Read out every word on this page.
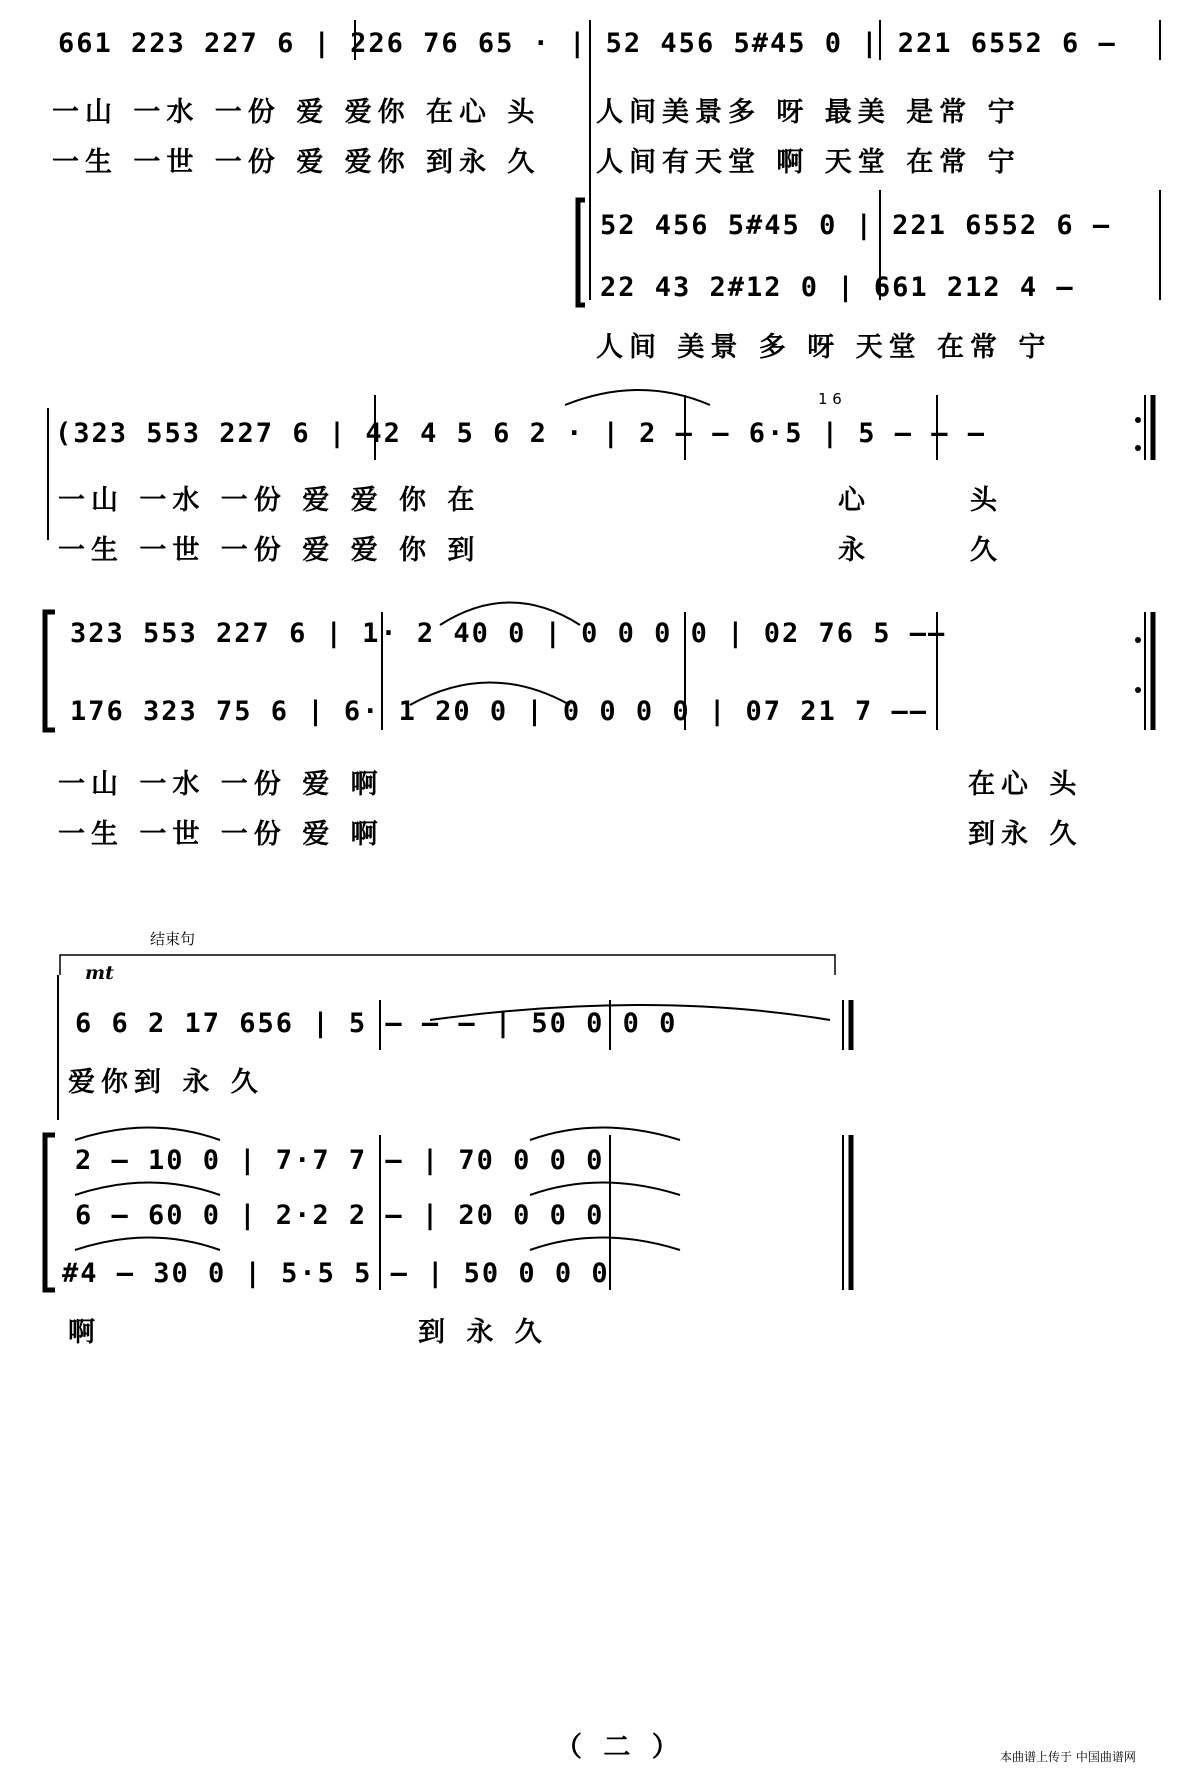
661 223 227 6 | 226 76 65 · | 52 456 5#45 0 | 221 6552 6 –
一山 一水 一份 爱 爱你 在心 头
一生 一世 一份 爱 爱你 到永 久
人间美景多 呀 最美 是常 宁
人间有天堂 啊 天堂 在常 宁
52 456 5#45 0 | 221 6552 6 –
22 43 2#12 0 | 661 212 4 –
人间 美景 多 呀 天堂 在常 宁
(323 553 227 6 | 42 4 5 6 2 · | 2 – – 6·5 | 5 – – –
1 6
一山 一水 一份 爱 爱 你 在	心	头
一生 一世 一份 爱 爱 你 到	永	久
323 553 227 6 | 1· 2 40 0 | 0 0 0 0 | 02 76 5 ——
176 323 75 6 | 6· 1 20 0 | 0 0 0 0 | 07 21 7 ——
一山 一水 一份 爱 啊	在心 头
一生 一世 一份 爱 啊	到永 久
结束句
mt
6 6 2 17 656 | 5 – – – | 50 0 0 0
爱你到 永 久
2 — 10 0 | 7·7 7 — | 70 0 0 0
6 — 60 0 | 2·2 2 — | 20 0 0 0
#4 — 30 0 | 5·5 5 — | 50 0 0 0
啊	到 永 久
（ 二 ）	本曲谱上传于 中国曲谱网
